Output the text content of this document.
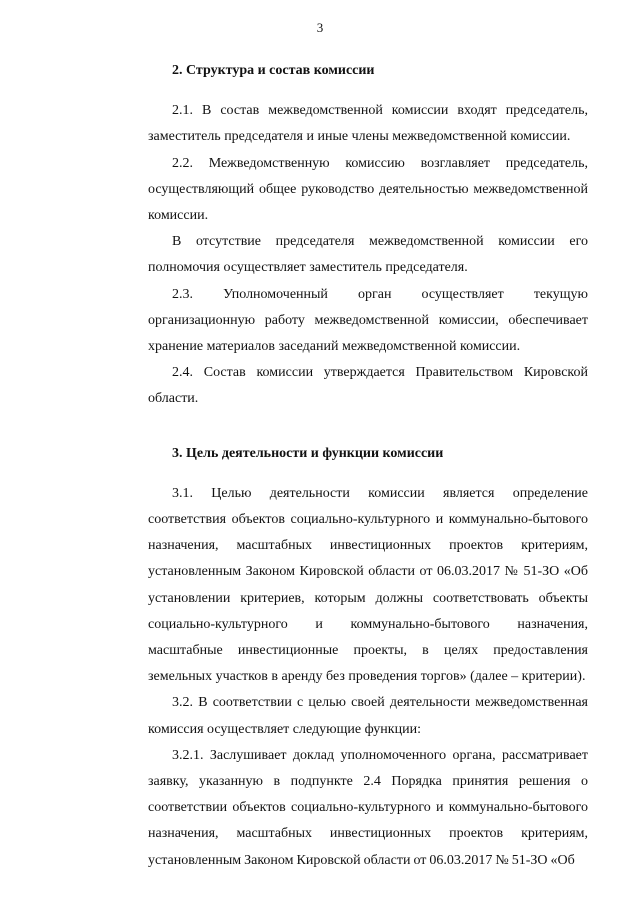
3
2. Структура и состав комиссии

2.1. В состав межведомственной комиссии входят председатель, заместитель председателя и иные члены межведомственной комиссии.

2.2. Межведомственную комиссию возглавляет председатель, осуществляющий общее руководство деятельностью межведомственной комиссии.

В отсутствие председателя межведомственной комиссии его полномочия осуществляет заместитель председателя.

2.3. Уполномоченный орган осуществляет текущую организационную работу межведомственной комиссии, обеспечивает хранение материалов заседаний межведомственной комиссии.

2.4. Состав комиссии утверждается Правительством Кировской области.

3. Цель деятельности и функции комиссии

3.1. Целью деятельности комиссии является определение соответствия объектов социально-культурного и коммунально-бытового назначения, масштабных инвестиционных проектов критериям, установленным Законом Кировской области от 06.03.2017 № 51-ЗО «Об установлении критериев, которым должны соответствовать объекты социально-культурного и коммунально-бытового назначения, масштабные инвестиционные проекты, в целях предоставления земельных участков в аренду без проведения торгов» (далее – критерии).

3.2. В соответствии с целью своей деятельности межведомственная комиссия осуществляет следующие функции:

3.2.1. Заслушивает доклад уполномоченного органа, рассматривает заявку, указанную в подпункте 2.4 Порядка принятия решения о соответствии объектов социально-культурного и коммунально-бытового назначения, масштабных инвестиционных проектов критериям, установленным Законом Кировской области от 06.03.2017 № 51-ЗО «Об
